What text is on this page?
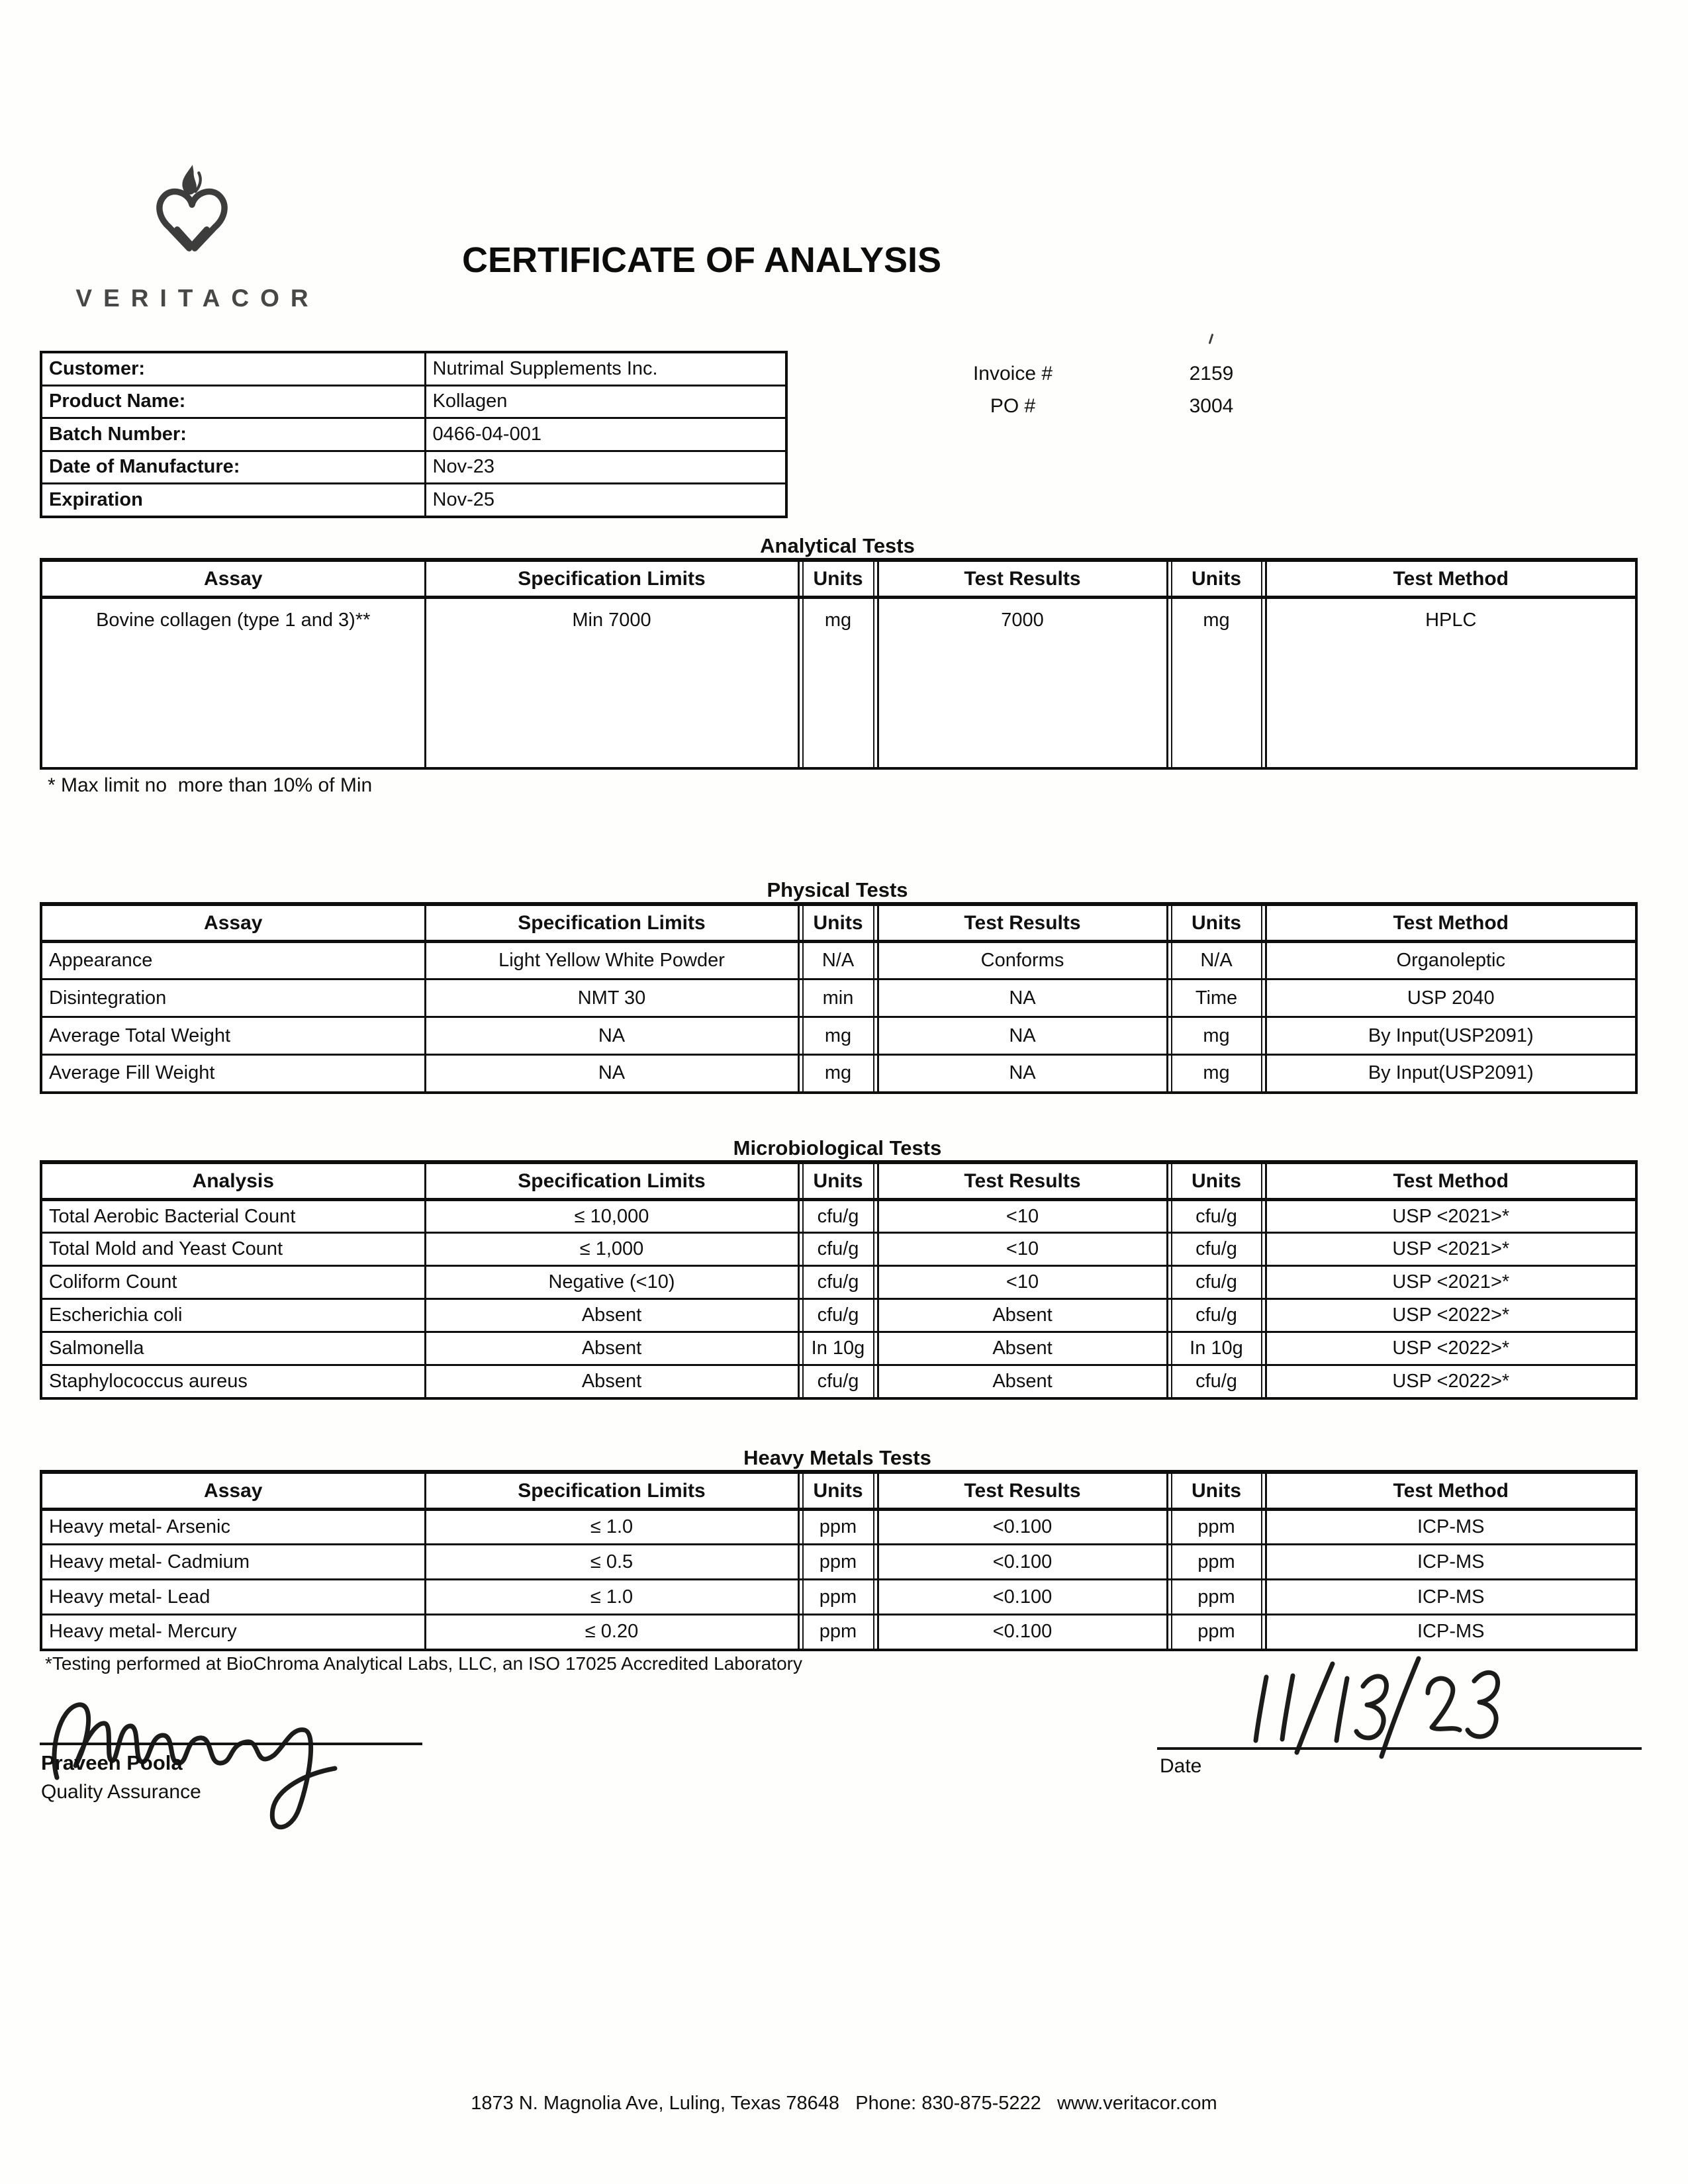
VERITACOR
CERTIFICATE OF ANALYSIS
Customer:	Nutrimal Supplements Inc.
Product Name:	Kollagen
Batch Number:	0466-04-001
Date of Manufacture:	Nov-23
Expiration	Nov-25
Invoice #	2159
PO #	3004
Analytical Tests
Assay	Specification Limits	Units	Test Results	Units	Test Method
Bovine collagen (type 1 and 3)**	Min 7000	mg	7000	mg	HPLC
* Max limit no  more than 10% of Min
Physical Tests
Assay	Specification Limits	Units	Test Results	Units	Test Method
Appearance	Light Yellow White Powder	N/A	Conforms	N/A	Organoleptic
Disintegration	NMT 30	min	NA	Time	USP 2040
Average Total Weight	NA	mg	NA	mg	By Input(USP2091)
Average Fill Weight	NA	mg	NA	mg	By Input(USP2091)
Microbiological Tests
Analysis	Specification Limits	Units	Test Results	Units	Test Method
Total Aerobic Bacterial Count	≤ 10,000	cfu/g	<10	cfu/g	USP <2021>*
Total Mold and Yeast Count	≤ 1,000	cfu/g	<10	cfu/g	USP <2021>*
Coliform Count	Negative (<10)	cfu/g	<10	cfu/g	USP <2021>*
Escherichia coli	Absent	cfu/g	Absent	cfu/g	USP <2022>*
Salmonella	Absent	In 10g	Absent	In 10g	USP <2022>*
Staphylococcus aureus	Absent	cfu/g	Absent	cfu/g	USP <2022>*
Heavy Metals Tests
Assay	Specification Limits	Units	Test Results	Units	Test Method
Heavy metal- Arsenic	≤ 1.0	ppm	<0.100	ppm	ICP-MS
Heavy metal- Cadmium	≤ 0.5	ppm	<0.100	ppm	ICP-MS
Heavy metal- Lead	≤ 1.0	ppm	<0.100	ppm	ICP-MS
Heavy metal- Mercury	≤ 0.20	ppm	<0.100	ppm	ICP-MS
*Testing performed at BioChroma Analytical Labs, LLC, an ISO 17025 Accredited Laboratory
Praveen Poola
Quality Assurance
Date
1873 N. Magnolia Ave, Luling, Texas 78648   Phone: 830-875-5222   www.veritacor.com
